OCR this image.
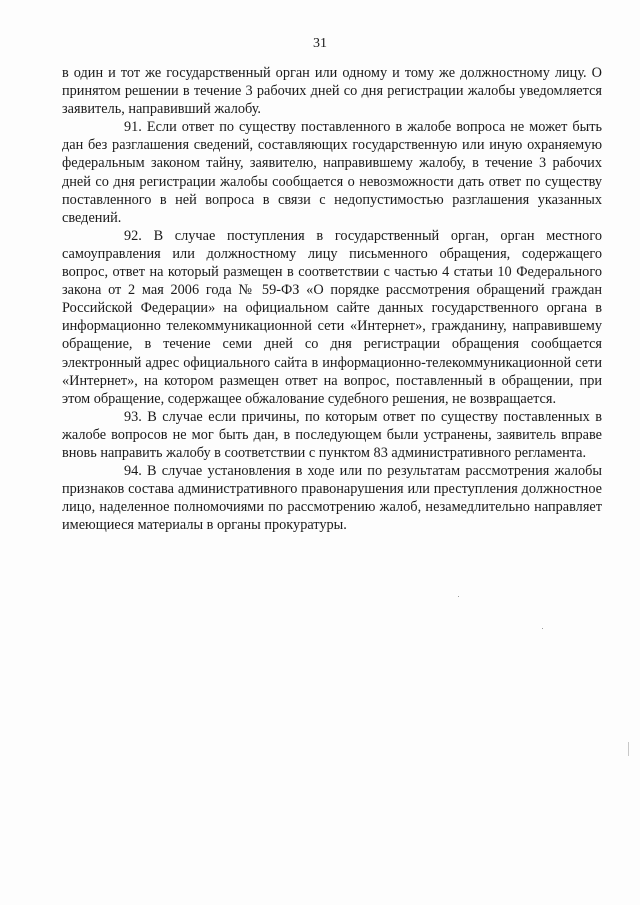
31

в один и тот же государственный орган или одному и тому же должностному лицу. О принятом решении в течение 3 рабочих дней со дня регистрации жалобы уведомляется заявитель, направивший жалобу.

91. Если ответ по существу поставленного в жалобе вопроса не может быть дан без разглашения сведений, составляющих государственную или иную охраняемую федеральным законом тайну, заявителю, направившему жалобу, в течение 3 рабочих дней со дня регистрации жалобы сообщается о невозможности дать ответ по существу поставленного в ней вопроса в связи с недопустимостью разглашения указанных сведений.

92. В случае поступления в государственный орган, орган местного самоуправления или должностному лицу письменного обращения, содержащего вопрос, ответ на который размещен в соответствии с частью 4 статьи 10 Федерального закона от 2 мая 2006 года № 59-ФЗ «О порядке рассмотрения обращений граждан Российской Федерации» на официальном сайте данных государственного органа в информационно телекоммуникационной сети «Интернет», гражданину, направившему обращение, в течение семи дней со дня регистрации обращения сообщается электронный адрес официального сайта в информационно-телекоммуникационной сети «Интернет», на котором размещен ответ на вопрос, поставленный в обращении, при этом обращение, содержащее обжалование судебного решения, не возвращается.

93. В случае если причины, по которым ответ по существу поставленных в жалобе вопросов не мог быть дан, в последующем были устранены, заявитель вправе вновь направить жалобу в соответствии с пунктом 83 административного регламента.

94. В случае установления в ходе или по результатам рассмотрения жалобы признаков состава административного правонарушения или преступления должностное лицо, наделенное полномочиями по рассмотрению жалоб, незамедлительно направляет имеющиеся материалы в органы прокуратуры.
